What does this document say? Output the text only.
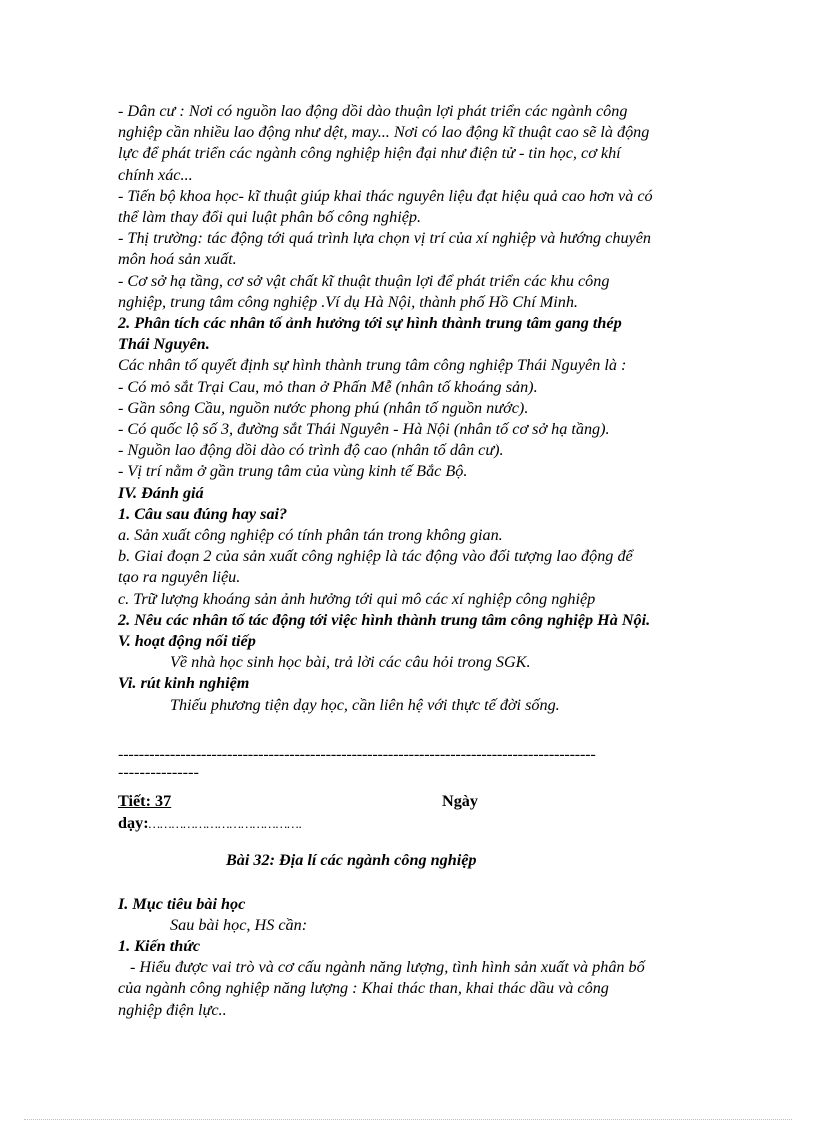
- Dân cư : Nơi có nguồn lao động dồi dào thuận lợi phát triển các ngành công

nghiệp cần nhiều lao động như dệt, may... Nơi có lao động kĩ thuật cao sẽ là động

lực để phát triển các ngành công nghiệp hiện đại như điện tử - tin học, cơ khí

chính xác...

- Tiến bộ khoa học- kĩ thuật giúp khai thác nguyên liệu đạt hiệu quả cao hơn và có

thể làm thay đổi qui luật phân bố công nghiệp.

- Thị trường: tác động tới quá trình lựa chọn vị trí của xí nghiệp và hướng chuyên

môn hoá sản xuất.

- Cơ sở hạ tầng, cơ sở vật chất kĩ thuật thuận lợi để phát triển các khu công

nghiệp, trung tâm công nghiệp .Ví dụ Hà Nội, thành phố Hồ Chí Minh.

2. Phân tích các nhân tố ảnh hưởng tới sự hình thành trung tâm gang thép

Thái Nguyên.

Các nhân tố quyết định sự hình thành trung tâm công nghiệp Thái Nguyên là :

- Có mỏ sắt Trại Cau, mỏ than ở Phấn Mễ (nhân tố khoáng sản).

- Gần sông Cầu, nguồn nước phong phú (nhân tố nguồn nước).

- Có quốc lộ số 3, đường sắt Thái Nguyên - Hà Nội (nhân tố cơ sở hạ tầng).

- Nguồn lao động dồi dào có trình độ cao (nhân tố dân cư).

- Vị trí nằm ở gần trung tâm của vùng kinh tế Bắc Bộ.

IV. Đánh giá

1. Câu sau đúng hay sai?

a. Sản xuất công nghiệp có tính phân tán trong không gian.

b. Giai đoạn 2 của sản xuất công nghiệp là tác động vào đối tượng lao động để

tạo ra nguyên liệu.

c. Trữ lượng khoáng sản ảnh hưởng tới qui mô các xí nghiệp công nghiệp

2. Nêu các nhân tố tác động tới việc hình thành trung tâm công nghiệp Hà Nội.

V. hoạt động nối tiếp

Về nhà học sinh học bài, trả lời các câu hỏi trong SGK.

Vi. rút kinh nghiệm

Thiếu phương tiện dạy học, cần liên hệ với thực tế đời sống.

--------------------------------------------------------------------------------------------
---------------
Tiết: 37	Ngày
dạy:………………………………….

Bài 32: Địa lí các ngành công nghiệp

I. Mục tiêu bài học

Sau bài học, HS cần:

1. Kiến thức

- Hiểu được vai trò và cơ cấu ngành năng lượng, tình hình sản xuất và phân bố

của ngành công nghiệp năng lượng : Khai thác than, khai thác dầu và công

nghiệp điện lực..
